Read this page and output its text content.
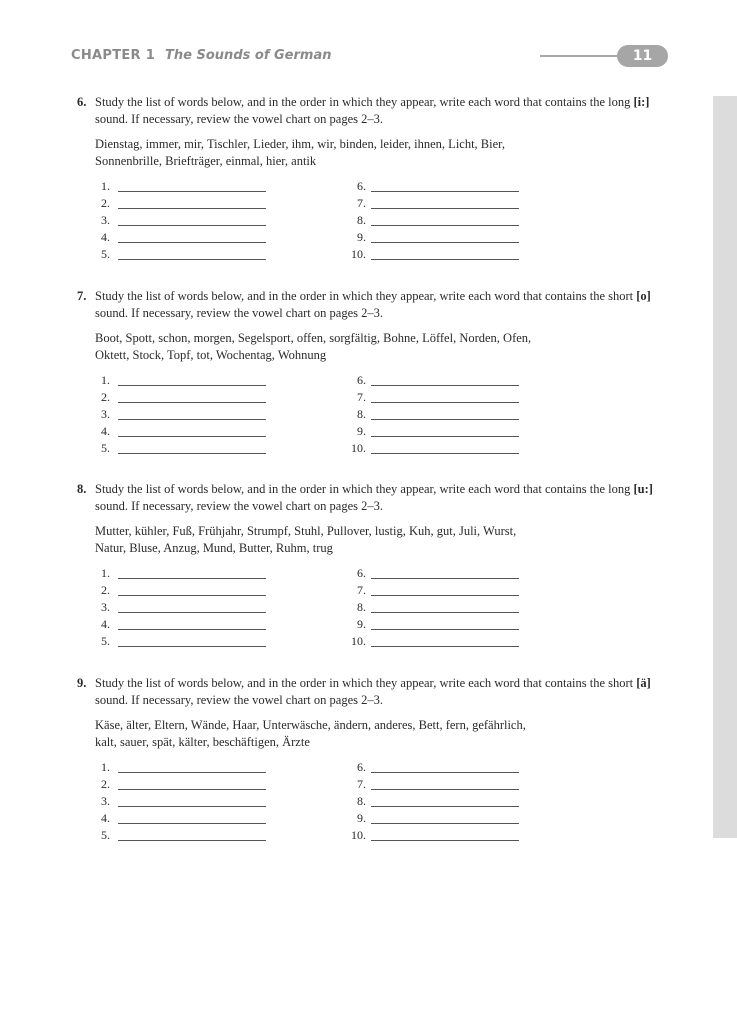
CHAPTER 1 The Sounds of German	11
6. Study the list of words below, and in the order in which they appear, write each word that contains the long [i:] sound. If necessary, review the vowel chart on pages 2–3.
Dienstag, immer, mir, Tischler, Lieder, ihm, wir, binden, leider, ihnen, Licht, Bier,
Sonnenbrille, Briefträger, einmal, hier, antik
1.
2.
3.
4.
5.
6.
7.
8.
9.
10.
7. Study the list of words below, and in the order in which they appear, write each word that contains the short [o] sound. If necessary, review the vowel chart on pages 2–3.
Boot, Spott, schon, morgen, Segelsport, offen, sorgfältig, Bohne, Löffel, Norden, Ofen,
Oktett, Stock, Topf, tot, Wochentag, Wohnung
1.
2.
3.
4.
5.
6.
7.
8.
9.
10.
8. Study the list of words below, and in the order in which they appear, write each word that contains the long [u:] sound. If necessary, review the vowel chart on pages 2–3.
Mutter, kühler, Fuß, Frühjahr, Strumpf, Stuhl, Pullover, lustig, Kuh, gut, Juli, Wurst,
Natur, Bluse, Anzug, Mund, Butter, Ruhm, trug
1.
2.
3.
4.
5.
6.
7.
8.
9.
10.
9. Study the list of words below, and in the order in which they appear, write each word that contains the short [ä] sound. If necessary, review the vowel chart on pages 2–3.
Käse, älter, Eltern, Wände, Haar, Unterwäsche, ändern, anderes, Bett, fern, gefährlich,
kalt, sauer, spät, kälter, beschäftigen, Ärzte
1.
2.
3.
4.
5.
6.
7.
8.
9.
10.
